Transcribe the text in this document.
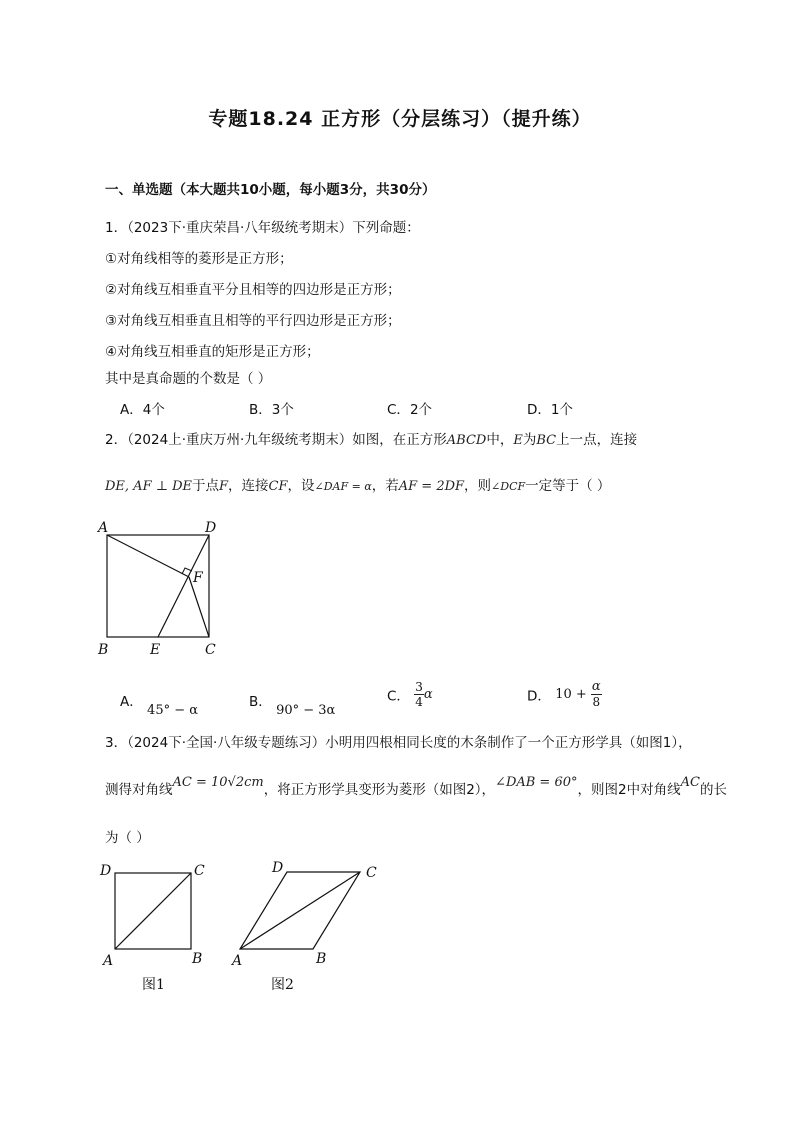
专题18.24 正方形（分层练习）（提升练）
一、单选题（本大题共10小题，每小题3分，共30分）
1．（2023下·重庆荣昌·八年级统考期末）下列命题：
①对角线相等的菱形是正方形；
②对角线互相垂直平分且相等的四边形是正方形；
③对角线互相垂直且相等的平行四边形是正方形；
④对角线互相垂直的矩形是正方形；
其中是真命题的个数是（ ）
A．4个	B．3个	C．2个	D．1个
2．（2024上·重庆万州·九年级统考期末）如图，在正方形ABCD中，E为BC上一点，连接
DE, AF ⊥ DE于点F，连接CF，设∠DAF = α，若AF = 2DF，则∠DCF一定等于（ ）
A	D
F
B	E	C
A． 45° − α
B． 90° − 3α
C． $\frac{3}{4}$ α	D． $10 + \frac{\alpha}{8}$
3．（2024下·全国·八年级专题练习）小明用四根相同长度的木条制作了一个正方形学具（如图1），
测得对角线AC = 10√2cm，将正方形学具变形为菱形（如图2），∠DAB = 60°，则图2中对角线AC的长
为（ ）
D	C
A	B
图1
D	C
A	B
图2
